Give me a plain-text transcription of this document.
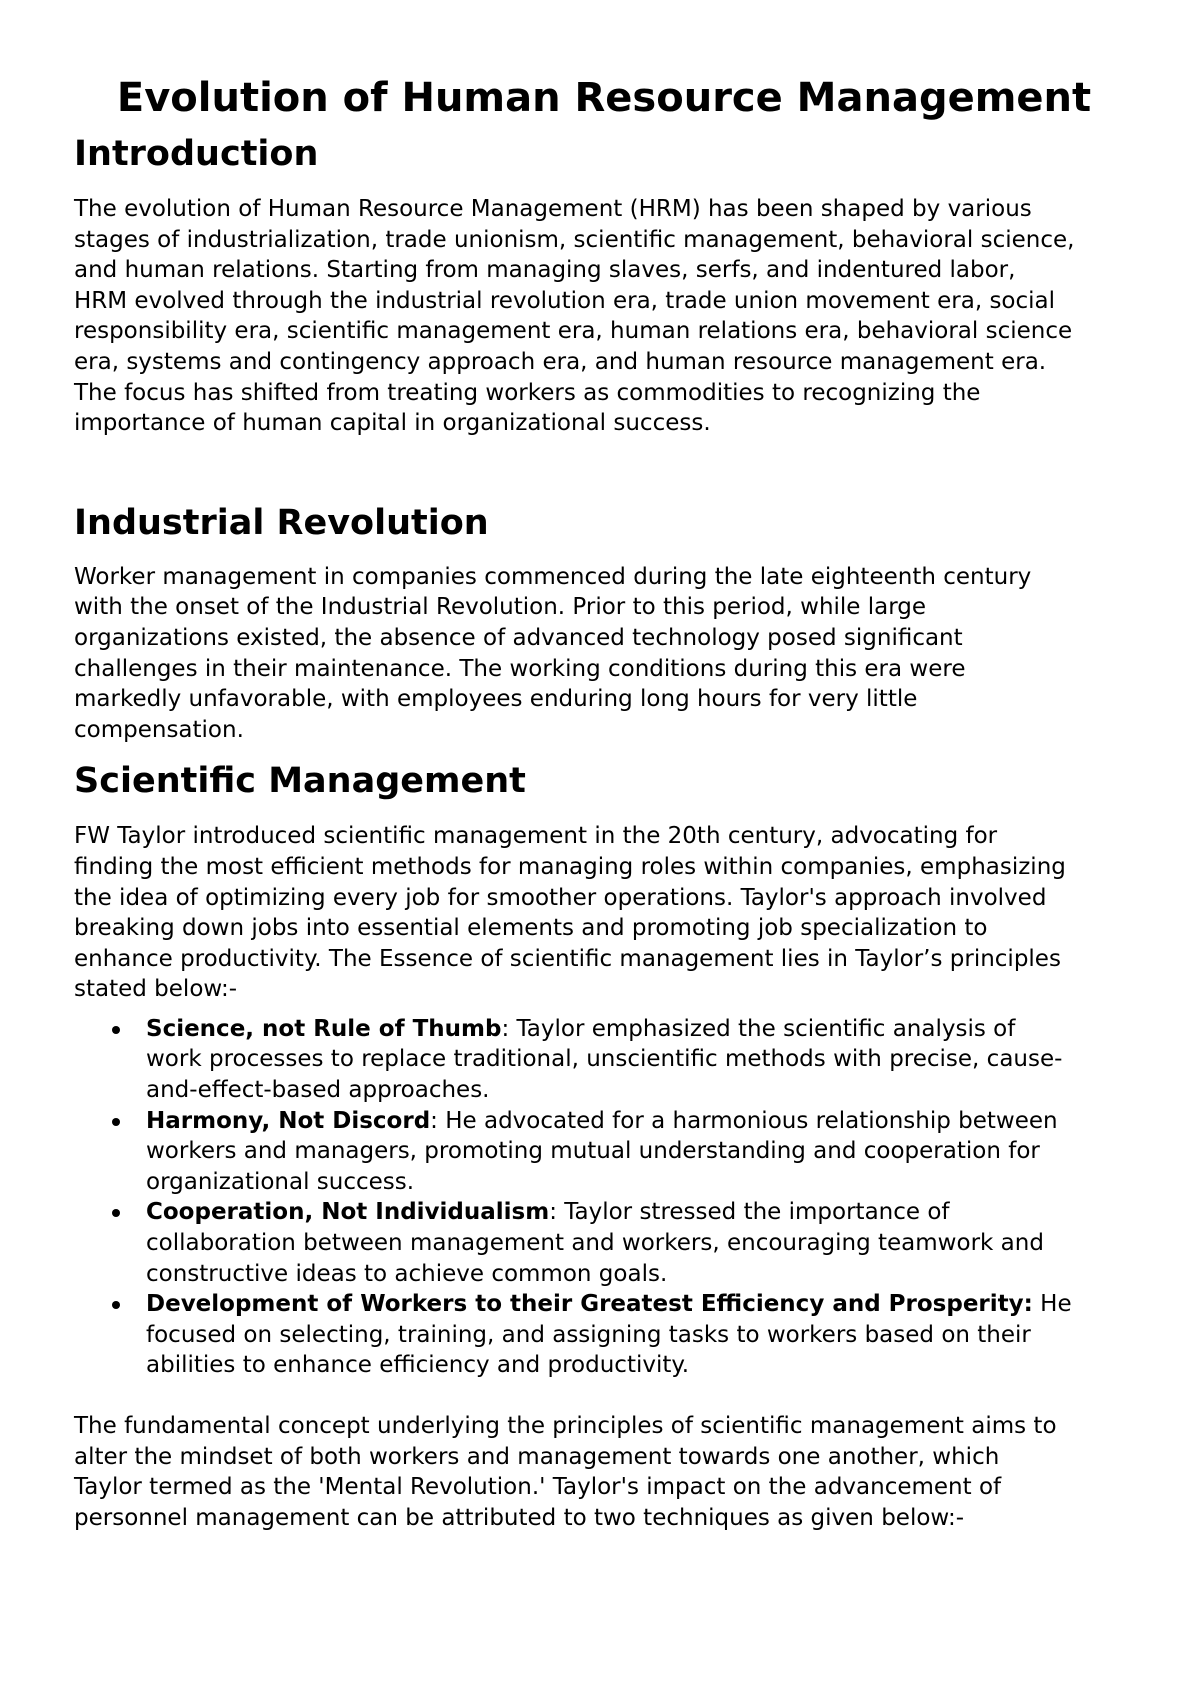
Evolution of Human Resource Management
Introduction
The evolution of Human Resource Management (HRM) has been shaped by various
stages of industrialization, trade unionism, scientific management, behavioral science,
and human relations. Starting from managing slaves, serfs, and indentured labor,
HRM evolved through the industrial revolution era, trade union movement era, social
responsibility era, scientific management era, human relations era, behavioral science
era, systems and contingency approach era, and human resource management era.
The focus has shifted from treating workers as commodities to recognizing the
importance of human capital in organizational success.
Industrial Revolution
Worker management in companies commenced during the late eighteenth century
with the onset of the Industrial Revolution. Prior to this period, while large
organizations existed, the absence of advanced technology posed significant
challenges in their maintenance. The working conditions during this era were
markedly unfavorable, with employees enduring long hours for very little
compensation.
Scientific Management
FW Taylor introduced scientific management in the 20th century, advocating for
finding the most efficient methods for managing roles within companies, emphasizing
the idea of optimizing every job for smoother operations. Taylor's approach involved
breaking down jobs into essential elements and promoting job specialization to
enhance productivity. The Essence of scientific management lies in Taylor’s principles
stated below:-
Science, not Rule of Thumb: Taylor emphasized the scientific analysis of
work processes to replace traditional, unscientific methods with precise, cause-
and-effect-based approaches.
Harmony, Not Discord: He advocated for a harmonious relationship between
workers and managers, promoting mutual understanding and cooperation for
organizational success.
Cooperation, Not Individualism: Taylor stressed the importance of
collaboration between management and workers, encouraging teamwork and
constructive ideas to achieve common goals.
Development of Workers to their Greatest Efficiency and Prosperity: He
focused on selecting, training, and assigning tasks to workers based on their
abilities to enhance efficiency and productivity.
The fundamental concept underlying the principles of scientific management aims to
alter the mindset of both workers and management towards one another, which
Taylor termed as the 'Mental Revolution.' Taylor's impact on the advancement of
personnel management can be attributed to two techniques as given below:-
